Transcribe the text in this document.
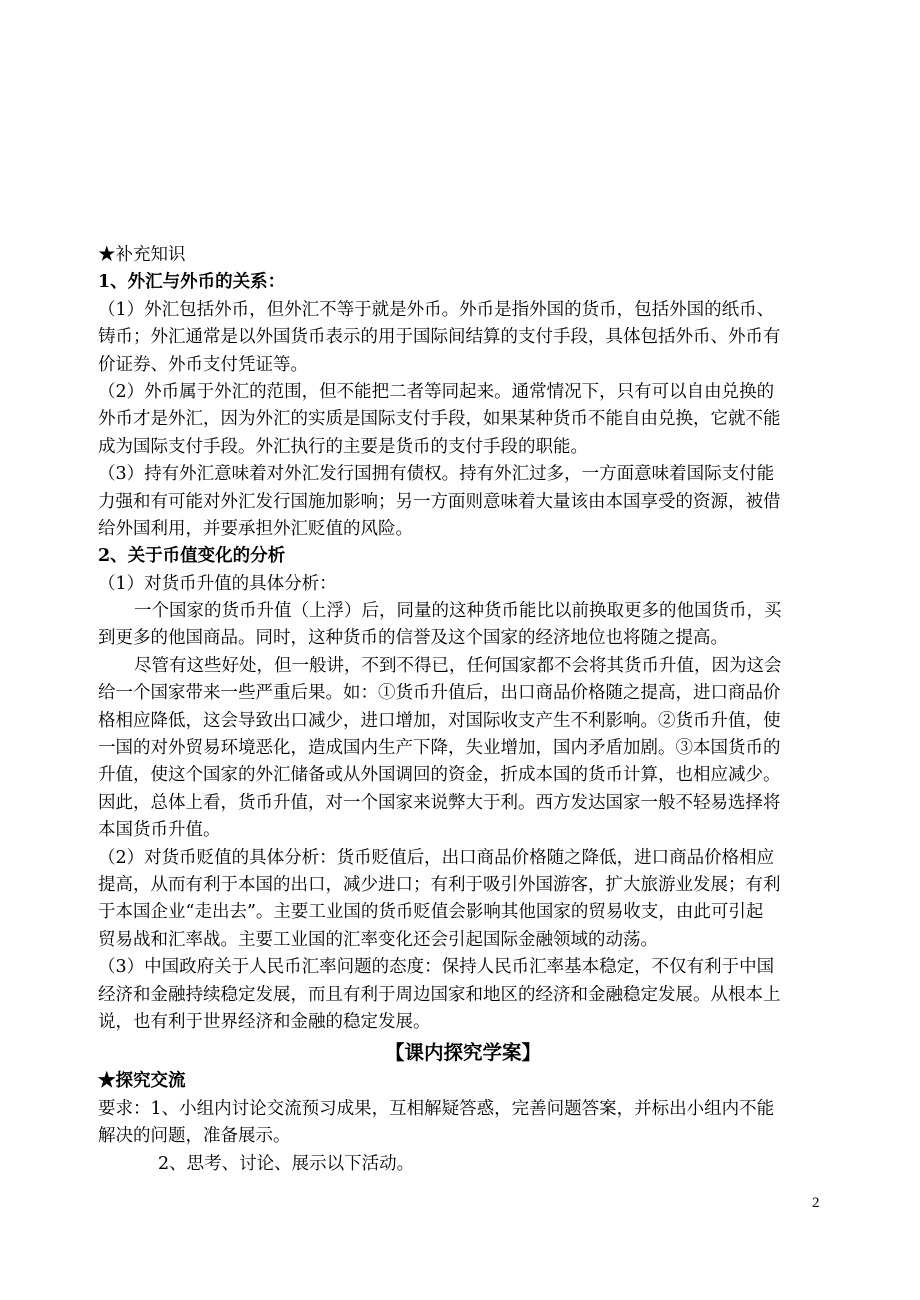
★补充知识
1、外汇与外币的关系：
（1）外汇包括外币，但外汇不等于就是外币。外币是指外国的货币，包括外国的纸币、
铸币；外汇通常是以外国货币表示的用于国际间结算的支付手段，具体包括外币、外币有
价证券、外币支付凭证等。
（2）外币属于外汇的范围，但不能把二者等同起来。通常情况下，只有可以自由兑换的
外币才是外汇，因为外汇的实质是国际支付手段，如果某种货币不能自由兑换，它就不能
成为国际支付手段。外汇执行的主要是货币的支付手段的职能。
（3）持有外汇意味着对外汇发行国拥有债权。持有外汇过多，一方面意味着国际支付能
力强和有可能对外汇发行国施加影响；另一方面则意味着大量该由本国享受的资源，被借
给外国利用，并要承担外汇贬值的风险。
2、关于币值变化的分析
（1）对货币升值的具体分析：
一个国家的货币升值（上浮）后，同量的这种货币能比以前换取更多的他国货币，买
到更多的他国商品。同时，这种货币的信誉及这个国家的经济地位也将随之提高。
尽管有这些好处，但一般讲，不到不得已，任何国家都不会将其货币升值，因为这会
给一个国家带来一些严重后果。如：①货币升值后，出口商品价格随之提高，进口商品价
格相应降低，这会导致出口减少，进口增加，对国际收支产生不利影响。②货币升值，使
一国的对外贸易环境恶化，造成国内生产下降，失业增加，国内矛盾加剧。③本国货币的
升值，使这个国家的外汇储备或从外国调回的资金，折成本国的货币计算，也相应减少。
因此，总体上看，货币升值，对一个国家来说弊大于利。西方发达国家一般不轻易选择将
本国货币升值。
（2）对货币贬值的具体分析：货币贬值后，出口商品价格随之降低，进口商品价格相应
提高，从而有利于本国的出口，减少进口；有利于吸引外国游客，扩大旅游业发展；有利
于本国企业“走出去”。主要工业国的货币贬值会影响其他国家的贸易收支，由此可引起
贸易战和汇率战。主要工业国的汇率变化还会引起国际金融领域的动荡。
（3）中国政府关于人民币汇率问题的态度：保持人民币汇率基本稳定，不仅有利于中国
经济和金融持续稳定发展，而且有利于周边国家和地区的经济和金融稳定发展。从根本上
说，也有利于世界经济和金融的稳定发展。
【课内探究学案】
★探究交流
要求：1、小组内讨论交流预习成果，互相解疑答惑，完善问题答案，并标出小组内不能
解决的问题，准备展示。
2、思考、讨论、展示以下活动。
2
